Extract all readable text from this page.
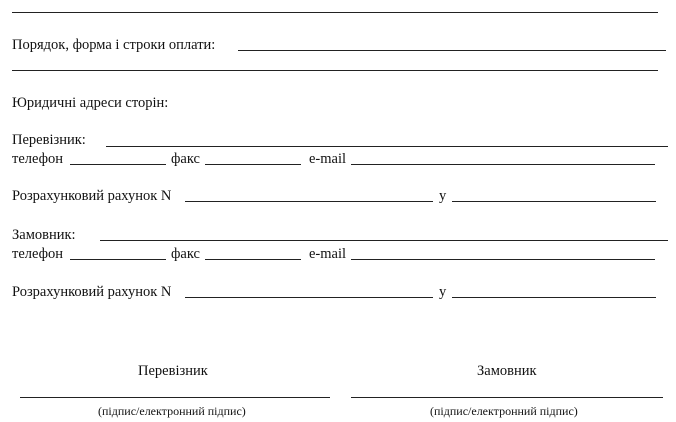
Порядок, форма і строки оплати:
Юридичні адреси сторін:
Перевізник:
телефон	факс	e-mail
Розрахунковий рахунок N	у
Замовник:
телефон	факс	e-mail
Розрахунковий рахунок N	у
Перевізник	Замовник
(підпис/електронний підпис)	(підпис/електронний підпис)
